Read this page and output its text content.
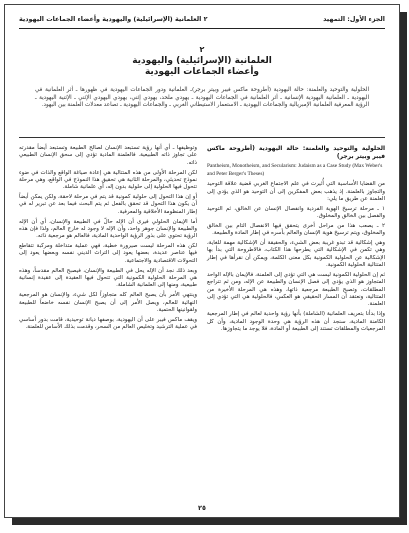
الجزء الأول: التمهيد
٢ العلمانية (الإسرائيلية) واليهودية وأعضاء الجماعات اليهودية
٢
العلمانية (الإسرائيلية) واليهودية
وأعضاء الجماعات اليهودية
الحلولية والتوحيد والعلمنة: حالة اليهودية (أطروحة ماكس فيبر وبيتر برجر)ـ العلمانية ودور الجماعات اليهودية في ظهورها ـ أثر العلمانية في اليهودية ـ العلمانية اليهودية الإنسانية ـ أثر العلمانية في الجماعات اليهودية ـ يهودي ملحد، يهودي إثني، يهودي اليهودي الإثني ـ الإثنية اليهودية ـ الرؤية المعرفية العلمانية الإمبريالية والجماعات اليهودية ـ الاستعمار الاستيطاني الغربي ـ والجماعات اليهودية ـ تصاعد معدلات العلمنة بين اليهود.
الحلولية والتوحيد والعلمنة: حالة اليهودية (أطروحة ماكس فيبر وبيتر برجر)
Pantheism, Monotheism, and Secularism: Judaism as a Case Study (Max Weber's and Peter Berger's Theses)

من القضايا الأساسية التي أُثيرت في علم الاجتماع الغربي قضية علاقة التوحيد والتجاوز بالعلمنة. إذ يذهب بعض المفكرين إلى أن التوحيد هو الذي يؤدي إلى العلمنة عن طريق ما يلي:

١ ـ مرحلة ترسيخ الهوية الفردية وانفصال الإنسان عن الخالق، ثم التوحيد والفصل بين الخالق والمخلوق.

٢ ـ يصعب هذا من مراحل أخرى يتحقق فيها الانفصال التام بين الخالق والمخلوق، ويتم ترسيخ هوية الإنسان والعالم بأسره في إطار المادة والطبيعة.

وهي إشكالية قد تبدو غريبة بعض الشيء، والحقيقة أن الإشكالية مهمة للغاية، وهي تكمن في الإشكالية التي يطرحها هذا الكتاب، فالاطروحة التي بدأ بها الإشكالية عن الحلولية الكمونية بكل معنى الكلمة، ويمكن أن نقرأها في إطار المتتالية الحلولية الكمونية.

ثم إن الحلولية الكمونية ليست هي التي تؤدي إلى العلمنة، فالإيمان بالإله الواحد المتجاوز هو الذي يؤدي إلى فصل الإنسان والطبيعة عن الإله، ومن ثم تتراجع المطلقات، وتصبح الطبيعة مرجعية ذاتها، وهذه هي المرحلة الأخيرة من المتتالية، ونعتقد أن المسار الحقيقي هو العكس، فالحلولية هي التي تؤدي إلى العلمنة.

وإذا بدأنا بتعريف العلمانية (الشاملة) بأنها رؤية واحدية لعالم في إطار المرجعية الكامنة المادية، سنجد أن هذه الرؤية هي وحدة الوجود المادية، وأن كل المرجعيات والمطلقات تستند إلى الطبيعة أو المادة، فلا يوجد ما يتجاوزها.

وتوظيفها ـ أي أنها رؤية تستبعد الإنسان لصالح الطبيعة وتستبعد أيضاً مقدرته على تجاوز ذاته الطبيعية. فالعلمنة المادية تؤدي إلى سحق الإنسان الطبيعي ذاته.

لكن المرحلة الأولى من هذه المتتالية هي إعادة صياغة الواقع والذات في ضوء نموذج تحديثي، والمرحلة الثانية هي تحقيق هذا النموذج في الواقع، وهي مرحلة تتحول فيها الحلولية إلى حلولية بدون إله، أي علمانية شاملة.

أو إن هذا التحول إلى حلولية كمونية قد يتم في مرحلة لاحقة، ولكن يمكن أيضاً أن يكون هذا التحول قد تحقق بالفعل ثم يتم البحث فيما بعد عن تبرير له في إطار المنظومة الأخلاقية والمعرفية.

أما الإيمان الحلولي فيرى أن الإله حالّ في الطبيعة والإنسان، أي أن الإله والطبيعة والإنسان جوهر واحد، وأن الإله لا وجود له خارج العالم، ولذا فإن هذه الرؤية تحتوي على بذور الرؤية الواحدية المادية، فالعالم هو مرجعية ذاته.

لكن هذه المرحلة ليست صيرورة خطية، فهي عملية متداخلة ومركبة تتقاطع فيها عناصر عديدة، بعضها يعود إلى التراث الديني نفسه وبعضها يعود إلى التحولات الاقتصادية والاجتماعية.

وبعد ذلك نجد أن الإله يحل في الطبيعة والإنسان، فيصبح العالم مقدساً، وهذه هي المرحلة الحلولية الكمونية التي تتحول فيها العقيدة إلى عقيدة إنسانية طبيعية، ومنها إلى العلمانية الشاملة.

وينتهي الأمر بأن يصبح العالم كله متجاوزاً لكل شيء، والإنسان هو المرجعية النهائية للعالم، ويصل الأمر إلى أن يصبح الإنسان نفسه خاضعاً للطبيعة ولقوانينها الحتمية.

ويقف ماكس فيبر على أن اليهودية، بوصفها ديانة توحيدية، قامت بدور أساسي في عملية الترشيد وتخليص العالم من السحر، وقدمت بذلك الأساس للعلمنة.

٢٥
